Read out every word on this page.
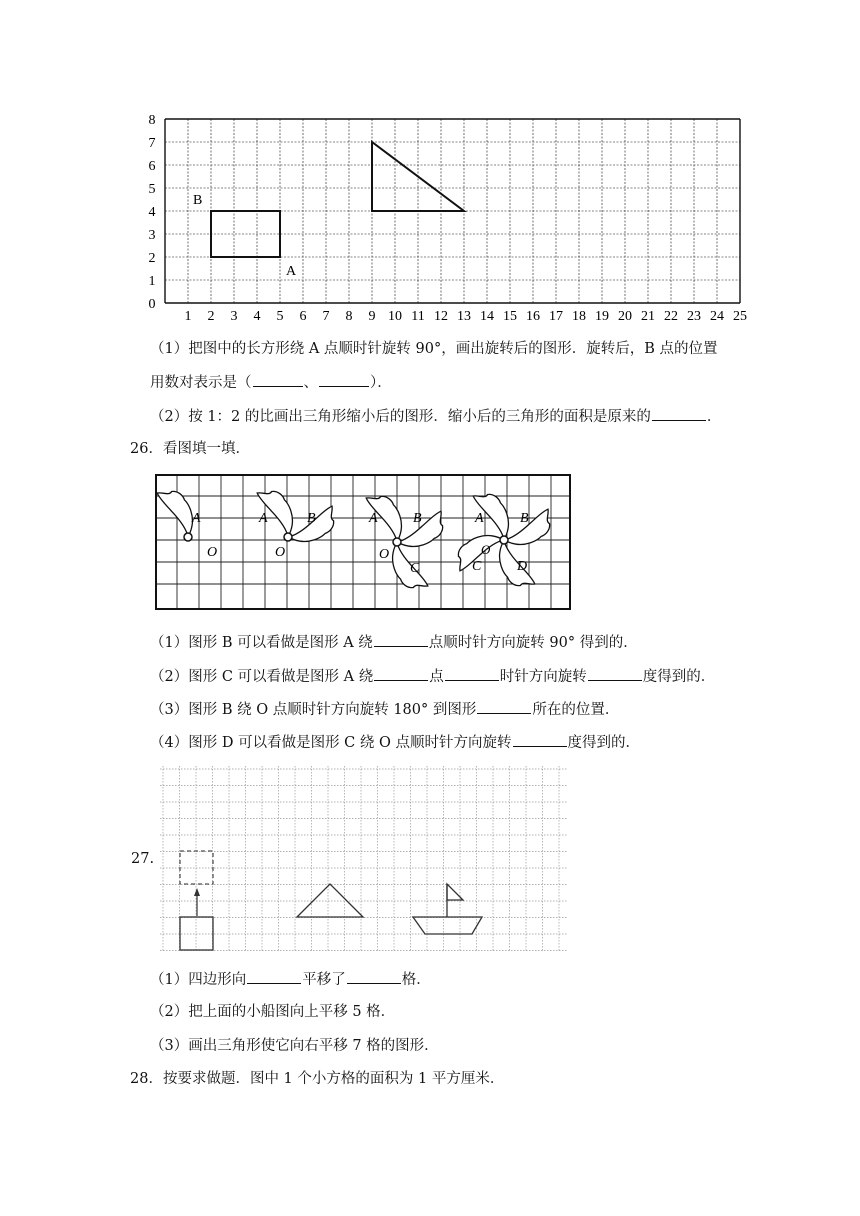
0
1
2
3
4
5
6
7
8
1 2 3 4 5 6 7 8 9 10 11 12 13 14 15 16 17 18 19 20 21 22 23 24 25
B
A
（1）把图中的长方形绕 A 点顺时针旋转 90°，画出旋转后的图形．旋转后，B 点的位置
用数对表示是（	、	）．
（2）按 1：2 的比画出三角形缩小后的图形．缩小后的三角形的面积是原来的	．
26．看图填一填．
A
O
A	B
O
A	B
C
O
A	B
C	D
O
（1）图形 B 可以看做是图形 A 绕	点顺时针方向旋转 90° 得到的．
（2）图形 C 可以看做是图形 A 绕	点	时针方向旋转	度得到的．
（3）图形 B 绕 O 点顺时针方向旋转 180° 到图形	所在的位置．
（4）图形 D 可以看做是图形 C 绕 O 点顺时针方向旋转	度得到的．
27.
（1）四边形向	平移了	格．
（2）把上面的小船图向上平移 5 格．
（3）画出三角形使它向右平移 7 格的图形．
28．按要求做题．图中 1 个小方格的面积为 1 平方厘米．
